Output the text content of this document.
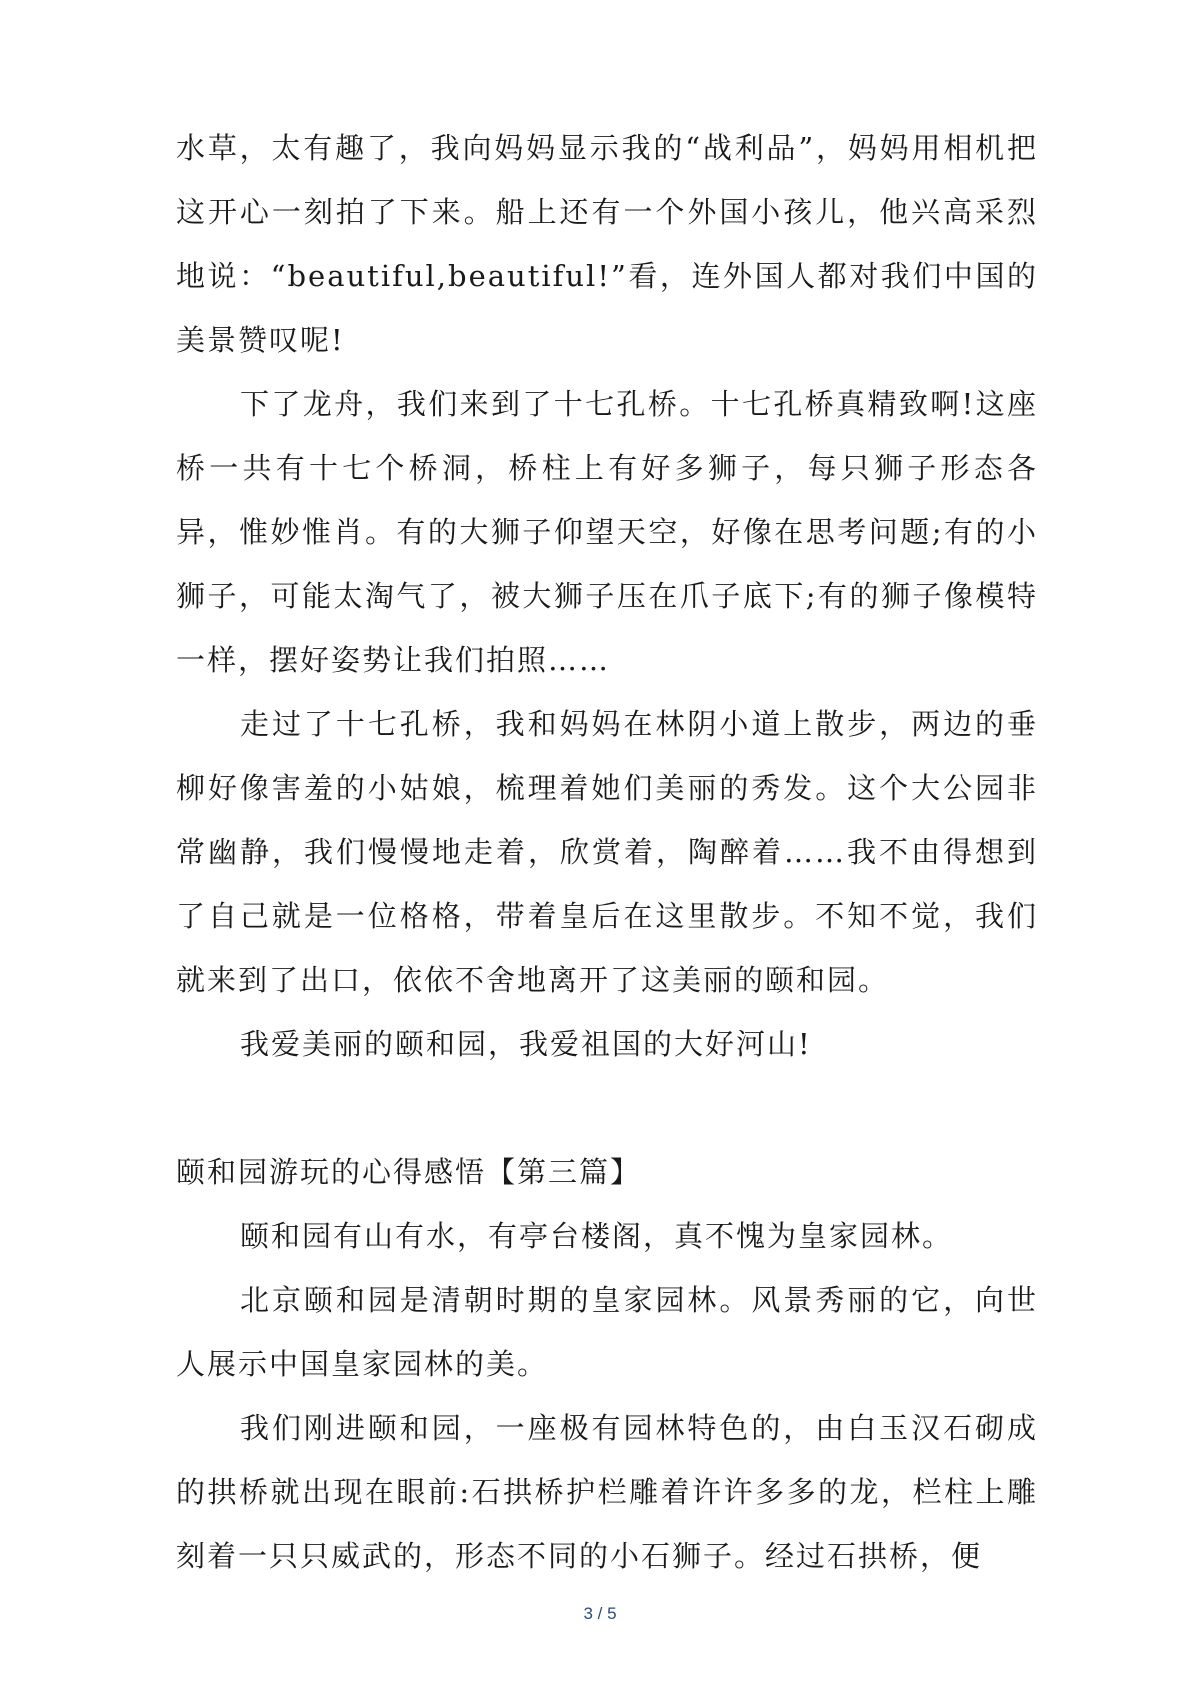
水草，太有趣了，我向妈妈显示我的“战利品”，妈妈用相机把这开心一刻拍了下来。船上还有一个外国小孩儿，他兴高采烈地说：“beautiful,beautiful!”看，连外国人都对我们中国的美景赞叹呢!

下了龙舟，我们来到了十七孔桥。十七孔桥真精致啊!这座桥一共有十七个桥洞，桥柱上有好多狮子，每只狮子形态各异，惟妙惟肖。有的大狮子仰望天空，好像在思考问题;有的小狮子，可能太淘气了，被大狮子压在爪子底下;有的狮子像模特一样，摆好姿势让我们拍照……

走过了十七孔桥，我和妈妈在林阴小道上散步，两边的垂柳好像害羞的小姑娘，梳理着她们美丽的秀发。这个大公园非常幽静，我们慢慢地走着，欣赏着，陶醉着……我不由得想到了自己就是一位格格，带着皇后在这里散步。不知不觉，我们就来到了出口，依依不舍地离开了这美丽的颐和园。

我爱美丽的颐和园，我爱祖国的大好河山!

颐和园游玩的心得感悟【第三篇】

颐和园有山有水，有亭台楼阁，真不愧为皇家园林。

北京颐和园是清朝时期的皇家园林。风景秀丽的它，向世人展示中国皇家园林的美。

我们刚进颐和园，一座极有园林特色的，由白玉汉石砌成的拱桥就出现在眼前:石拱桥护栏雕着许许多多的龙，栏柱上雕刻着一只只威武的，形态不同的小石狮子。经过石拱桥，便

3 / 5
